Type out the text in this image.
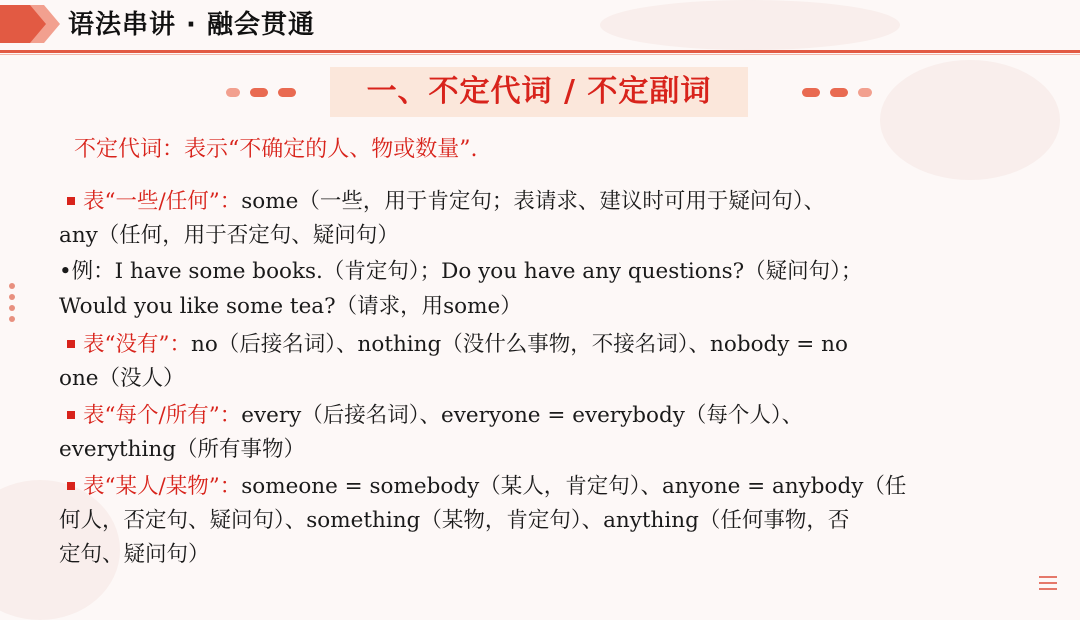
语法串讲 · 融会贯通
一、不定代词 / 不定副词
不定代词：表示“不确定的人、物或数量”.
表“一些/任何”：some（一些，用于肯定句；表请求、建议时可用于疑问句）、
any（任何，用于否定句、疑问句）
•例：I have some books.（肯定句）；Do you have any questions?（疑问句）；
Would you like some tea?（请求，用some）
表“没有”：no（后接名词）、nothing（没什么事物，不接名词）、nobody = no
one（没人）
表“每个/所有”：every（后接名词）、everyone = everybody（每个人）、
everything（所有事物）
表“某人/某物”：someone = somebody（某人，肯定句）、anyone = anybody（任
何人，否定句、疑问句）、something（某物，肯定句）、anything（任何事物，否
定句、疑问句）
